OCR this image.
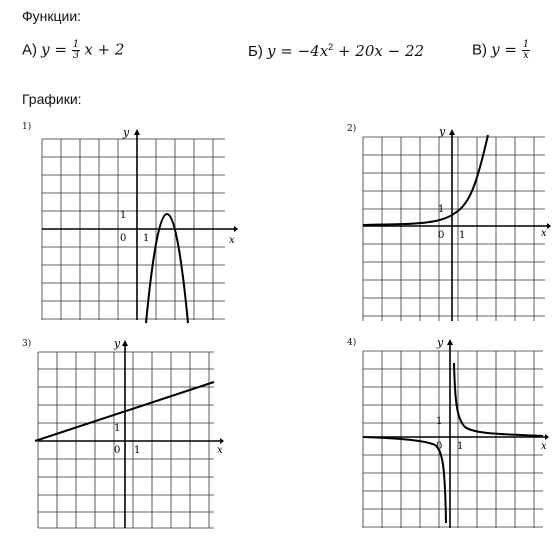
Функции:
А) $y = \frac{1}{3}$ x + 2	Б) $y = -4x^2 + 20x - 22$	В) $y = \frac{1}{x}$
Графики:
1)	y
x
1
0 1
2)	y
x
1
0 1
3)	y
x
1
0 1
4)	y
x
1
0 1
